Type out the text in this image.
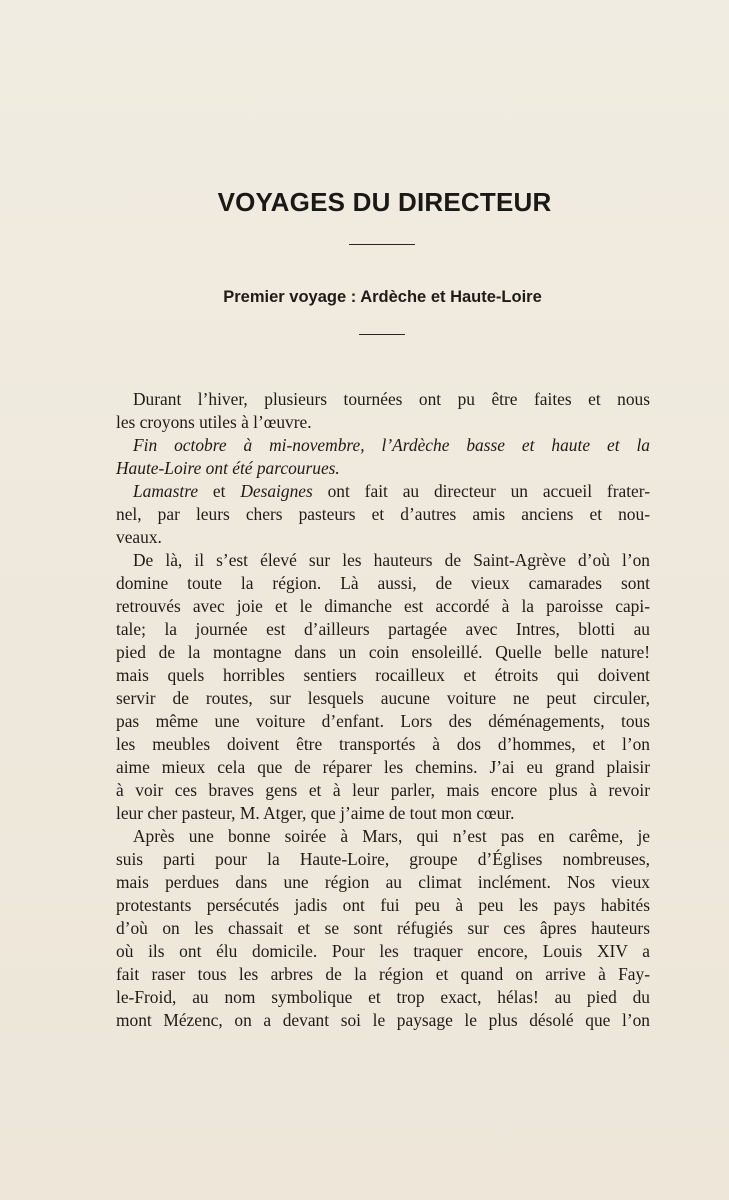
VOYAGES DU DIRECTEUR
Premier voyage : Ardèche et Haute-Loire

Durant l’hiver, plusieurs tournées ont pu être faites et nous
les croyons utiles à l’œuvre.

Fin octobre à mi-novembre, l’Ardèche basse et haute et la
Haute-Loire ont été parcourues.

Lamastre et Desaignes ont fait au directeur un accueil frater-
nel, par leurs chers pasteurs et d’autres amis anciens et nou-
veaux.

De là, il s’est élevé sur les hauteurs de Saint-Agrève d’où l’on
domine toute la région. Là aussi, de vieux camarades sont
retrouvés avec joie et le dimanche est accordé à la paroisse capi-
tale; la journée est d’ailleurs partagée avec Intres, blotti au
pied de la montagne dans un coin ensoleillé. Quelle belle nature!
mais quels horribles sentiers rocailleux et étroits qui doivent
servir de routes, sur lesquels aucune voiture ne peut circuler,
pas même une voiture d’enfant. Lors des déménagements, tous
les meubles doivent être transportés à dos d’hommes, et l’on
aime mieux cela que de réparer les chemins. J’ai eu grand plaisir
à voir ces braves gens et à leur parler, mais encore plus à revoir
leur cher pasteur, M. Atger, que j’aime de tout mon cœur.

Après une bonne soirée à Mars, qui n’est pas en carême, je
suis parti pour la Haute-Loire, groupe d’Églises nombreuses,
mais perdues dans une région au climat inclément. Nos vieux
protestants persécutés jadis ont fui peu à peu les pays habités
d’où on les chassait et se sont réfugiés sur ces âpres hauteurs
où ils ont élu domicile. Pour les traquer encore, Louis XIV a
fait raser tous les arbres de la région et quand on arrive à Fay-
le-Froid, au nom symbolique et trop exact, hélas! au pied du
mont Mézenc, on a devant soi le paysage le plus désolé que l’on
